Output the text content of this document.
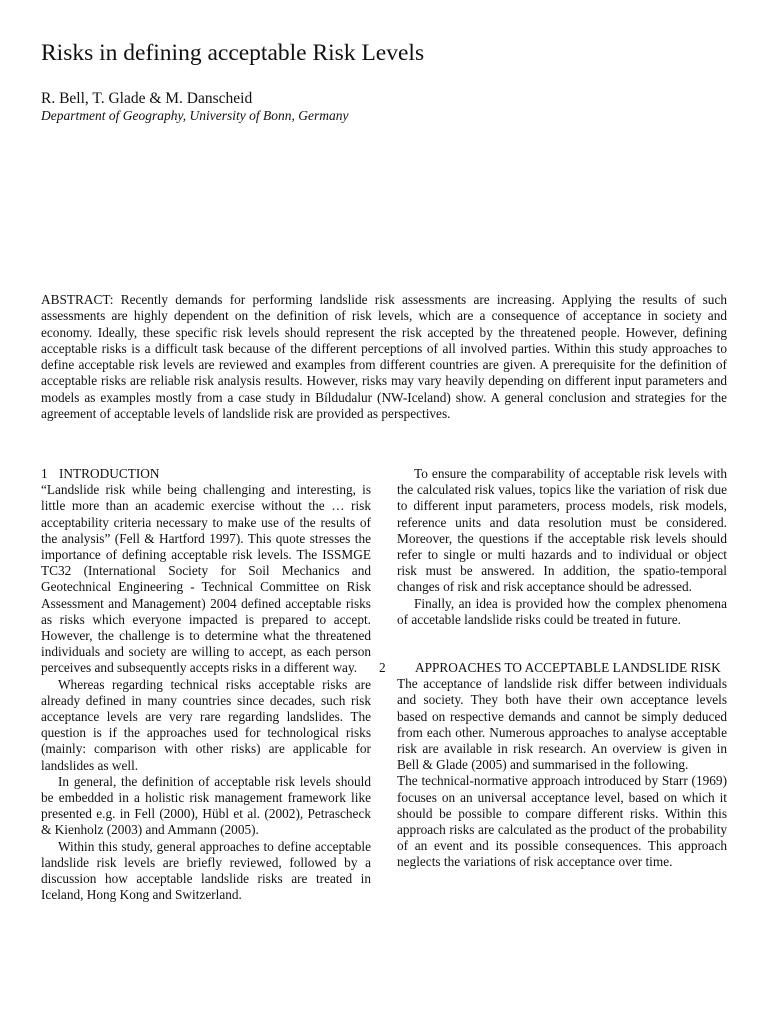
Risks in defining acceptable Risk Levels
R. Bell, T. Glade & M. Danscheid
Department of Geography, University of Bonn, Germany
ABSTRACT: Recently demands for performing landslide risk assessments are increasing. Applying the results of such assessments are highly dependent on the definition of risk levels, which are a consequence of acceptance in society and economy. Ideally, these specific risk levels should represent the risk accepted by the threatened people. However, defining acceptable risks is a difficult task because of the different perceptions of all involved parties. Within this study approaches to define acceptable risk levels are reviewed and examples from different countries are given. A prerequisite for the definition of acceptable risks are reliable risk analysis results. However, risks may vary heavily depending on different input parameters and models as examples mostly from a case study in Bíldudalur (NW-Iceland) show. A general conclusion and strategies for the agreement of acceptable levels of landslide risk are provided as perspectives.
1 INTRODUCTION

“Landslide risk while being challenging and interesting, is little more than an academic exercise without the … risk acceptability criteria necessary to make use of the results of the analysis” (Fell & Hartford 1997). This quote stresses the importance of defining acceptable risk levels. The ISSMGE TC32 (International Society for Soil Mechanics and Geotechnical Engineering - Technical Committee on Risk Assessment and Management) 2004 defined acceptable risks as risks which everyone impacted is prepared to accept. However, the challenge is to determine what the threatened individuals and society are willing to accept, as each person perceives and subsequently accepts risks in a different way.

Whereas regarding technical risks acceptable risks are already defined in many countries since decades, such risk acceptance levels are very rare regarding landslides. The question is if the approaches used for technological risks (mainly: comparison with other risks) are applicable for landslides as well.

In general, the definition of acceptable risk levels should be embedded in a holistic risk management framework like presented e.g. in Fell (2000), Hübl et al. (2002), Petrascheck & Kienholz (2003) and Ammann (2005).

Within this study, general approaches to define acceptable landslide risk levels are briefly reviewed, followed by a discussion how acceptable landslide risks are treated in Iceland, Hong Kong and Switzerland.

To ensure the comparability of acceptable risk levels with the calculated risk values, topics like the variation of risk due to different input parameters, process models, risk models, reference units and data resolution must be considered. Moreover, the questions if the acceptable risk levels should refer to single or multi hazards and to individual or object risk must be answered. In addition, the spatio-temporal changes of risk and risk acceptance should be adressed.

Finally, an idea is provided how the complex phenomena of accetable landslide risks could be treated in future.

2 APPROACHES TO ACCEPTABLE LANDSLIDE RISK

The acceptance of landslide risk differ between individuals and society. They both have their own acceptance levels based on respective demands and cannot be simply deduced from each other. Numerous approaches to analyse acceptable risk are available in risk research. An overview is given in Bell & Glade (2005) and summarised in the following.

The technical-normative approach introduced by Starr (1969) focuses on an universal acceptance level, based on which it should be possible to compare different risks. Within this approach risks are calculated as the product of the probability of an event and its possible consequences. This approach neglects the variations of risk acceptance over time.
